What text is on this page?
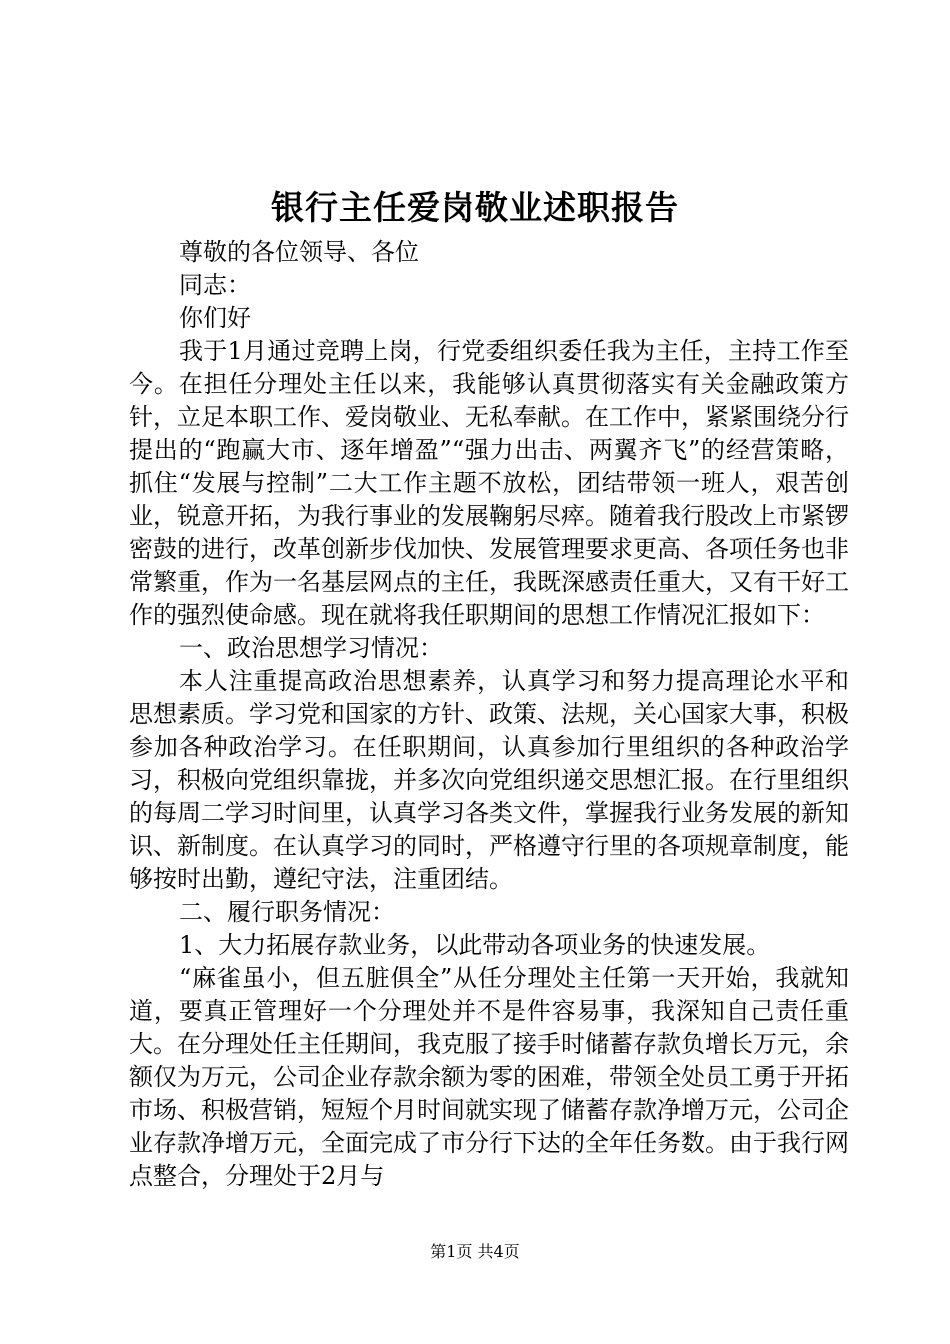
银行主任爱岗敬业述职报告

尊敬的各位领导、各位

同志：

你们好

我于1月通过竞聘上岗，行党委组织委任我为主任，主持工作至今。在担任分理处主任以来，我能够认真贯彻落实有关金融政策方针，立足本职工作、爱岗敬业、无私奉献。在工作中，紧紧围绕分行提出的“跑赢大市、逐年增盈”“强力出击、两翼齐飞”的经营策略，抓住“发展与控制”二大工作主题不放松，团结带领一班人，艰苦创业，锐意开拓，为我行事业的发展鞠躬尽瘁。随着我行股改上市紧锣密鼓的进行，改革创新步伐加快、发展管理要求更高、各项任务也非常繁重，作为一名基层网点的主任，我既深感责任重大，又有干好工作的强烈使命感。现在就将我任职期间的思想工作情况汇报如下：

一、政治思想学习情况：

本人注重提高政治思想素养，认真学习和努力提高理论水平和思想素质。学习党和国家的方针、政策、法规，关心国家大事，积极参加各种政治学习。在任职期间，认真参加行里组织的各种政治学习，积极向党组织靠拢，并多次向党组织递交思想汇报。在行里组织的每周二学习时间里，认真学习各类文件，掌握我行业务发展的新知识、新制度。在认真学习的同时，严格遵守行里的各项规章制度，能够按时出勤，遵纪守法，注重团结。

二、履行职务情况：

1、大力拓展存款业务，以此带动各项业务的快速发展。

“麻雀虽小，但五脏俱全”从任分理处主任第一天开始，我就知道，要真正管理好一个分理处并不是件容易事，我深知自己责任重大。在分理处任主任期间，我克服了接手时储蓄存款负增长万元，余额仅为万元，公司企业存款余额为零的困难，带领全处员工勇于开拓市场、积极营销，短短个月时间就实现了储蓄存款净增万元，公司企业存款净增万元，全面完成了市分行下达的全年任务数。由于我行网点整合，分理处于2月与

第1页 共4页
